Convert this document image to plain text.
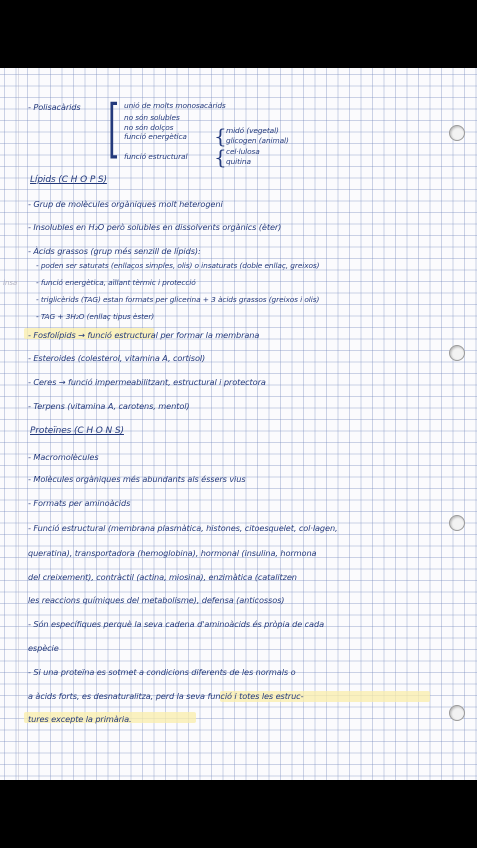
- Polisacàrids [ unió de molts monosacàrids
no són solubles
no són dolços
funció energètica { midó (vegetal)
glicogen (animal)
funció estructural { cel·lulosa
quitina
Lípids (C H O P S)
- Grup de molècules orgàniques molt heterogeni
- Insolubles en H₂O però solubles en dissolvents orgànics (èter)
- Àcids grassos (grup més senzill de lípids):
lnsa
- poden ser saturats (enllaços simples, olis) o insaturats (doble enllaç, greixos)
- funció energètica, aïllant tèrmic i protecció
- triglicèrids (TAG) estan formats per glicerina + 3 àcids grassos (greixos i olis)
- TAG + 3H₂O (enllaç tipus èster)
- Fosfolípids → funció estructural per formar la membrana
- Esteroides (colesterol, vitamina A, cortisol)
- Ceres → funció impermeabilitzant, estructural i protectora
- Terpens (vitamina A, carotens, mentol)
Proteïnes (C H O N S)
- Macromolècules
- Molècules orgàniques més abundants als éssers vius
- Formats per aminoàcids
- Funció estructural (membrana plasmàtica, histones, citoesquelet, col·lagen,
queratina), transportadora (hemoglobina), hormonal (insulina, hormona
del creixement), contràctil (actina, miosina), enzimàtica (catalitzen
les reaccions químiques del metabolisme), defensa (anticossos)
- Són específiques perquè la seva cadena d'aminoàcids és pròpia de cada
espècie
- Si una proteïna es sotmet a condicions diferents de les normals o
a àcids forts, es desnaturalitza, perd la seva funció i totes les estruc-
tures excepte la primària.
